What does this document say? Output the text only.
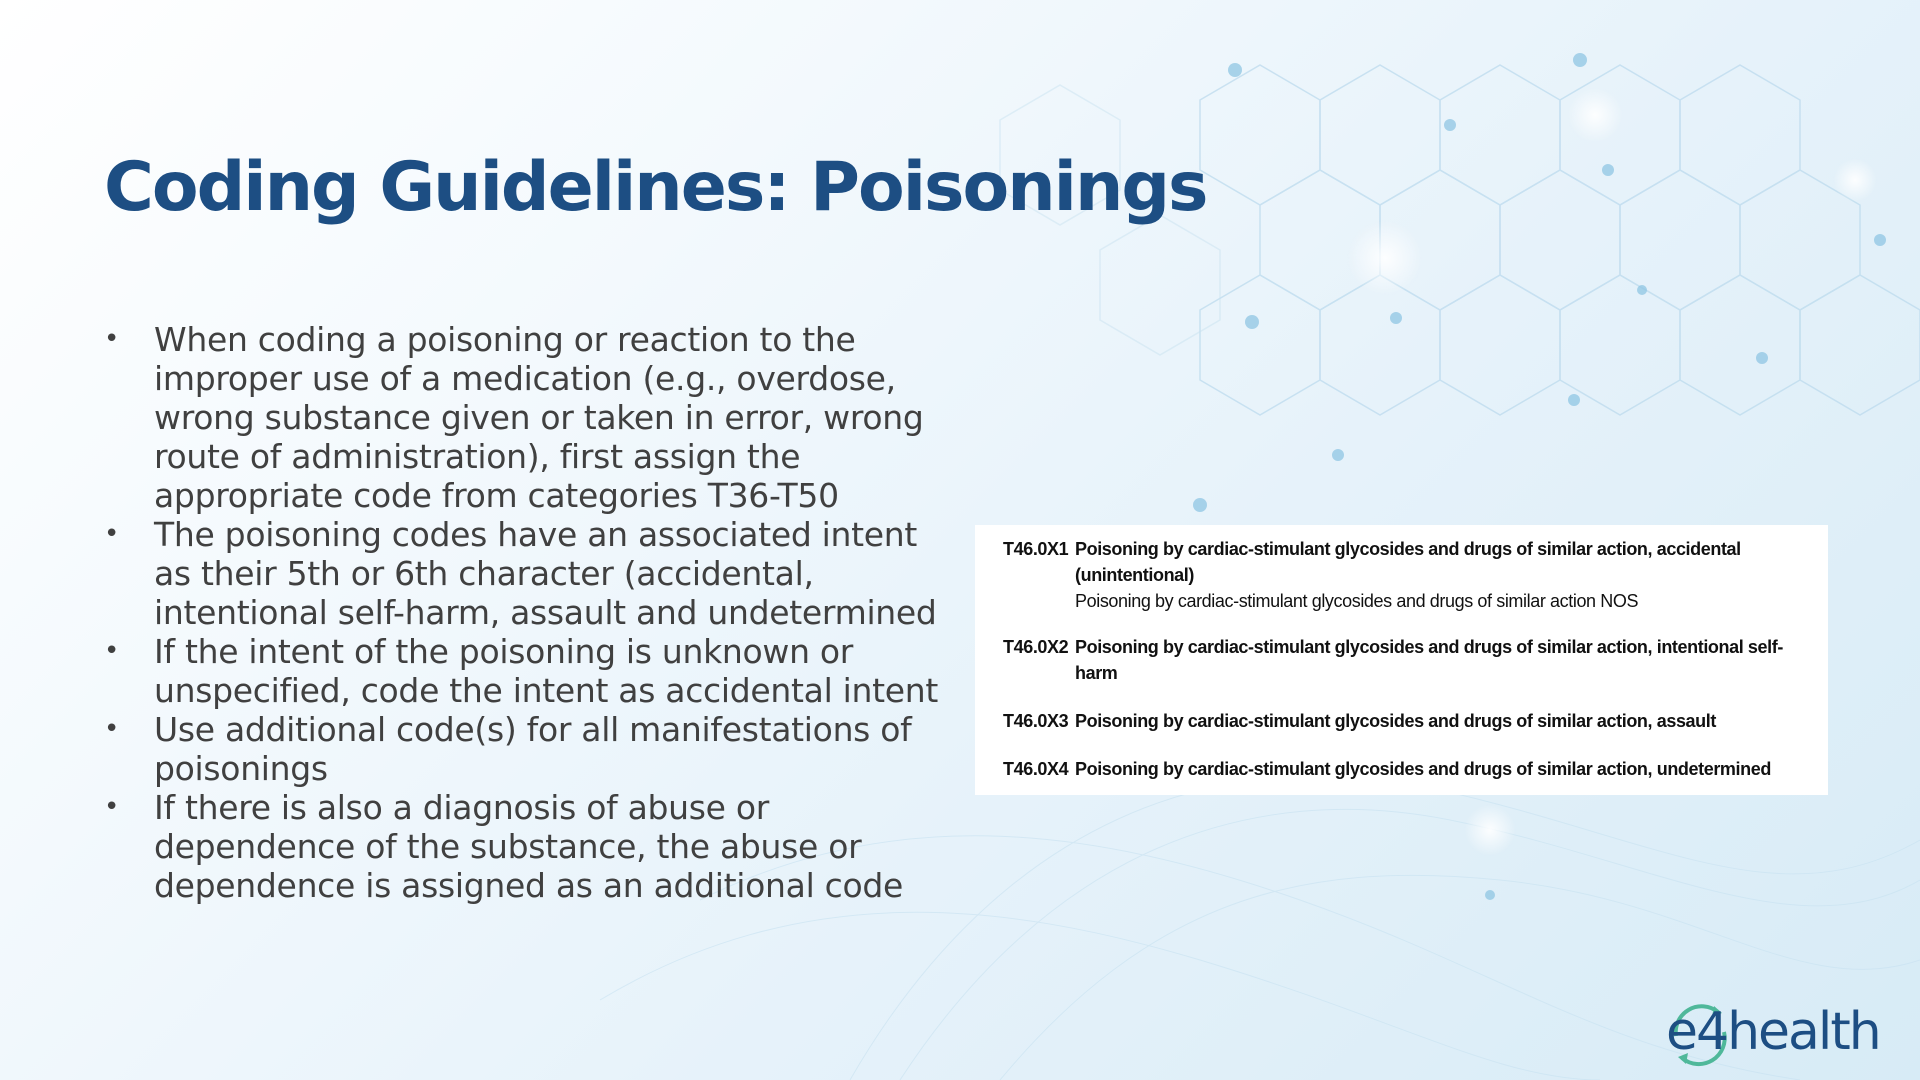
Coding Guidelines: Poisonings
• When coding a poisoning or reaction to the improper use of a medication (e.g., overdose, wrong substance given or taken in error, wrong route of administration), first assign the appropriate code from categories T36-T50
• The poisoning codes have an associated intent as their 5th or 6th character (accidental, intentional self-harm, assault and undetermined
• If the intent of the poisoning is unknown or unspecified, code the intent as accidental intent
• Use additional code(s) for all manifestations of poisonings
• If there is also a diagnosis of abuse or dependence of the substance, the abuse or dependence is assigned as an additional code
T46.0X1 Poisoning by cardiac-stimulant glycosides and drugs of similar action, accidental (unintentional)
Poisoning by cardiac-stimulant glycosides and drugs of similar action NOS
T46.0X2 Poisoning by cardiac-stimulant glycosides and drugs of similar action, intentional self-harm
T46.0X3 Poisoning by cardiac-stimulant glycosides and drugs of similar action, assault
T46.0X4 Poisoning by cardiac-stimulant glycosides and drugs of similar action, undetermined
e4health
